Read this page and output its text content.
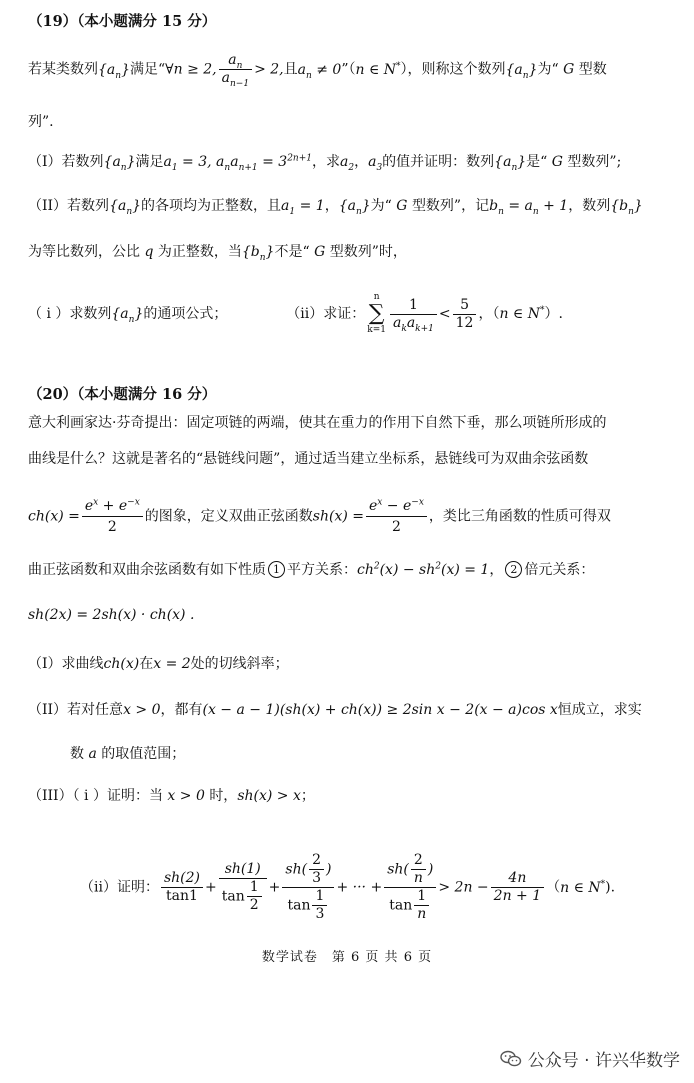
（19）（本小题满分 15 分）
若某类数列$\{a_n\}$满足“∀n ≥ 2, $\frac{a_n}{a_{n-1}} > 2$,且$a_n$ ≠ 0”（n ∈ N*），则称这个数列$\{a_n\}$为“ G 型数
列”.
（I）若数列$\{a_n\}$满足$a_1 = 3$, $a_na_{n+1} = 3^{2n+1}$，求$a_2$，$a_3$的值并证明：数列$\{a_n\}$是“ G 型数列”;
（II）若数列$\{a_n\}$的各项均为正整数，且$a_1 = 1$，$\{a_n\}$为“ G 型数列”，记$b_n = a_n + 1$，数列$\{b_n\}$
为等比数列，公比 q 为正整数，当$\{b_n\}$不是“ G 型数列”时，
（ i ）求数列$\{a_n\}$的通项公式；	（ii）求证：
n
∑
$k=1 \frac{1}{a_ka_{k+1}} < \frac{5}{12}$ ，（n ∈ N*）.
（20）（本小题满分 16 分）
意大利画家达·芬奇提出：固定项链的两端，使其在重力的作用下自然下垂，那么项链所形成的
曲线是什么？这就是著名的“悬链线问题”，通过适当建立坐标系，悬链线可为双曲余弦函数
$ch(x) = \frac{e^x + e^{-x}}{2}$ 的图象，定义双曲正弦函数$sh(x) = \frac{e^x - e^{-x}}{2}$ ，类比三角函数的性质可得双
曲正弦函数和双曲余弦函数有如下性质 1 平方关系：$ch^2(x) - sh^2(x) = 1$， 2 倍元关系：
sh(2x) = 2sh(x) · ch(x) .
（I）求曲线ch(x)在x = 2处的切线斜率；
（II）若对任意x > 0，都有(x − a − 1)(sh(x) + ch(x)) ≥ 2sin x − 2(x − a)cos x恒成立，求实
数 a 的取值范围；
（III）（ i ）证明：当 x > 0 时，sh(x) > x；
（ii）证明： $\frac{sh(2)}{\tan 1} + \frac{sh(1)}{\tan \frac{1}{2}} + \frac{sh( \frac{2}{3} )}{\tan \frac{1}{3}}$ + ··· + $\frac{sh( \frac{2}{n} )}{\tan \frac{1}{n}} > 2n - \frac{4n}{2n + 1} (n$ ∈ N*).
数学试卷　第 6 页 共 6 页
公众号 · 许兴华数学
